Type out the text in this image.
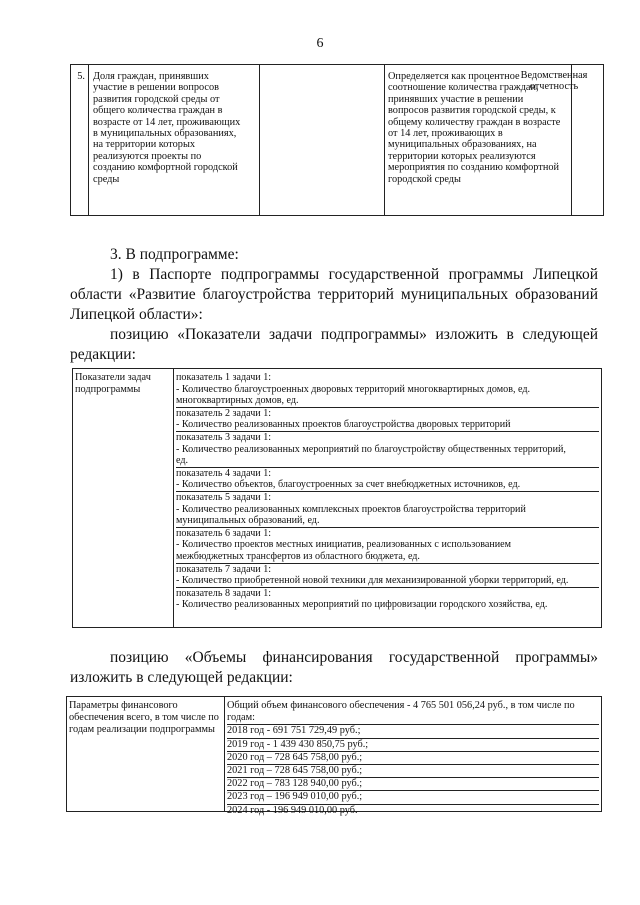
6
5. Доля граждан, принявших
участие в решении вопросов
развития городской среды от
общего количества граждан в
возрасте от 14 лет, проживающих
в муниципальных образованиях,
на территории которых
реализуются проекты по
созданию комфортной городской
среды
Определяется как процентное
соотношение количества граждан,
принявших участие в решении
вопросов развития городской среды, к
общему количеству граждан в возрасте
от 14 лет, проживающих в
муниципальных образованиях, на
территории которых реализуются
мероприятия по созданию комфортной
городской среды
Ведомственная
отчетность
3. В подпрограмме:
1) в Паспорте подпрограммы государственной программы Липецкой
области «Развитие благоустройства территорий муниципальных образований
Липецкой области»:
позицию «Показатели задачи подпрограммы» изложить в следующей
редакции:
Показатели задач
подпрограммы
показатель 1 задачи 1:
- Количество благоустроенных дворовых территорий многоквартирных домов, ед.
многоквартирных домов, ед.
показатель 2 задачи 1:
- Количество реализованных проектов благоустройства дворовых территорий
показатель 3 задачи 1:
- Количество реализованных мероприятий по благоустройству общественных территорий,
ед.
показатель 4 задачи 1:
- Количество объектов, благоустроенных за счет внебюджетных источников, ед.
показатель 5 задачи 1:
- Количество реализованных комплексных проектов благоустройства территорий
муниципальных образований, ед.
показатель 6 задачи 1:
- Количество проектов местных инициатив, реализованных с использованием
межбюджетных трансфертов из областного бюджета, ед.
показатель 7 задачи 1:
- Количество приобретенной новой техники для механизированной уборки территорий, ед.
показатель 8 задачи 1:
- Количество реализованных мероприятий по цифровизации городского хозяйства, ед.
позицию «Объемы финансирования государственной программы»
изложить в следующей редакции:
Параметры финансового
обеспечения всего, в том числе по
годам реализации подпрограммы
Общий объем финансового обеспечения - 4 765 501 056,24 руб., в том числе по
годам:
2018 год - 691 751 729,49 руб.;
2019 год - 1 439 430 850,75 руб.;
2020 год – 728 645 758,00 руб.;
2021 год – 728 645 758,00 руб.;
2022 год – 783 128 940,00 руб.;
2023 год – 196 949 010,00 руб.;
2024 год - 196 949 010,00 руб.
